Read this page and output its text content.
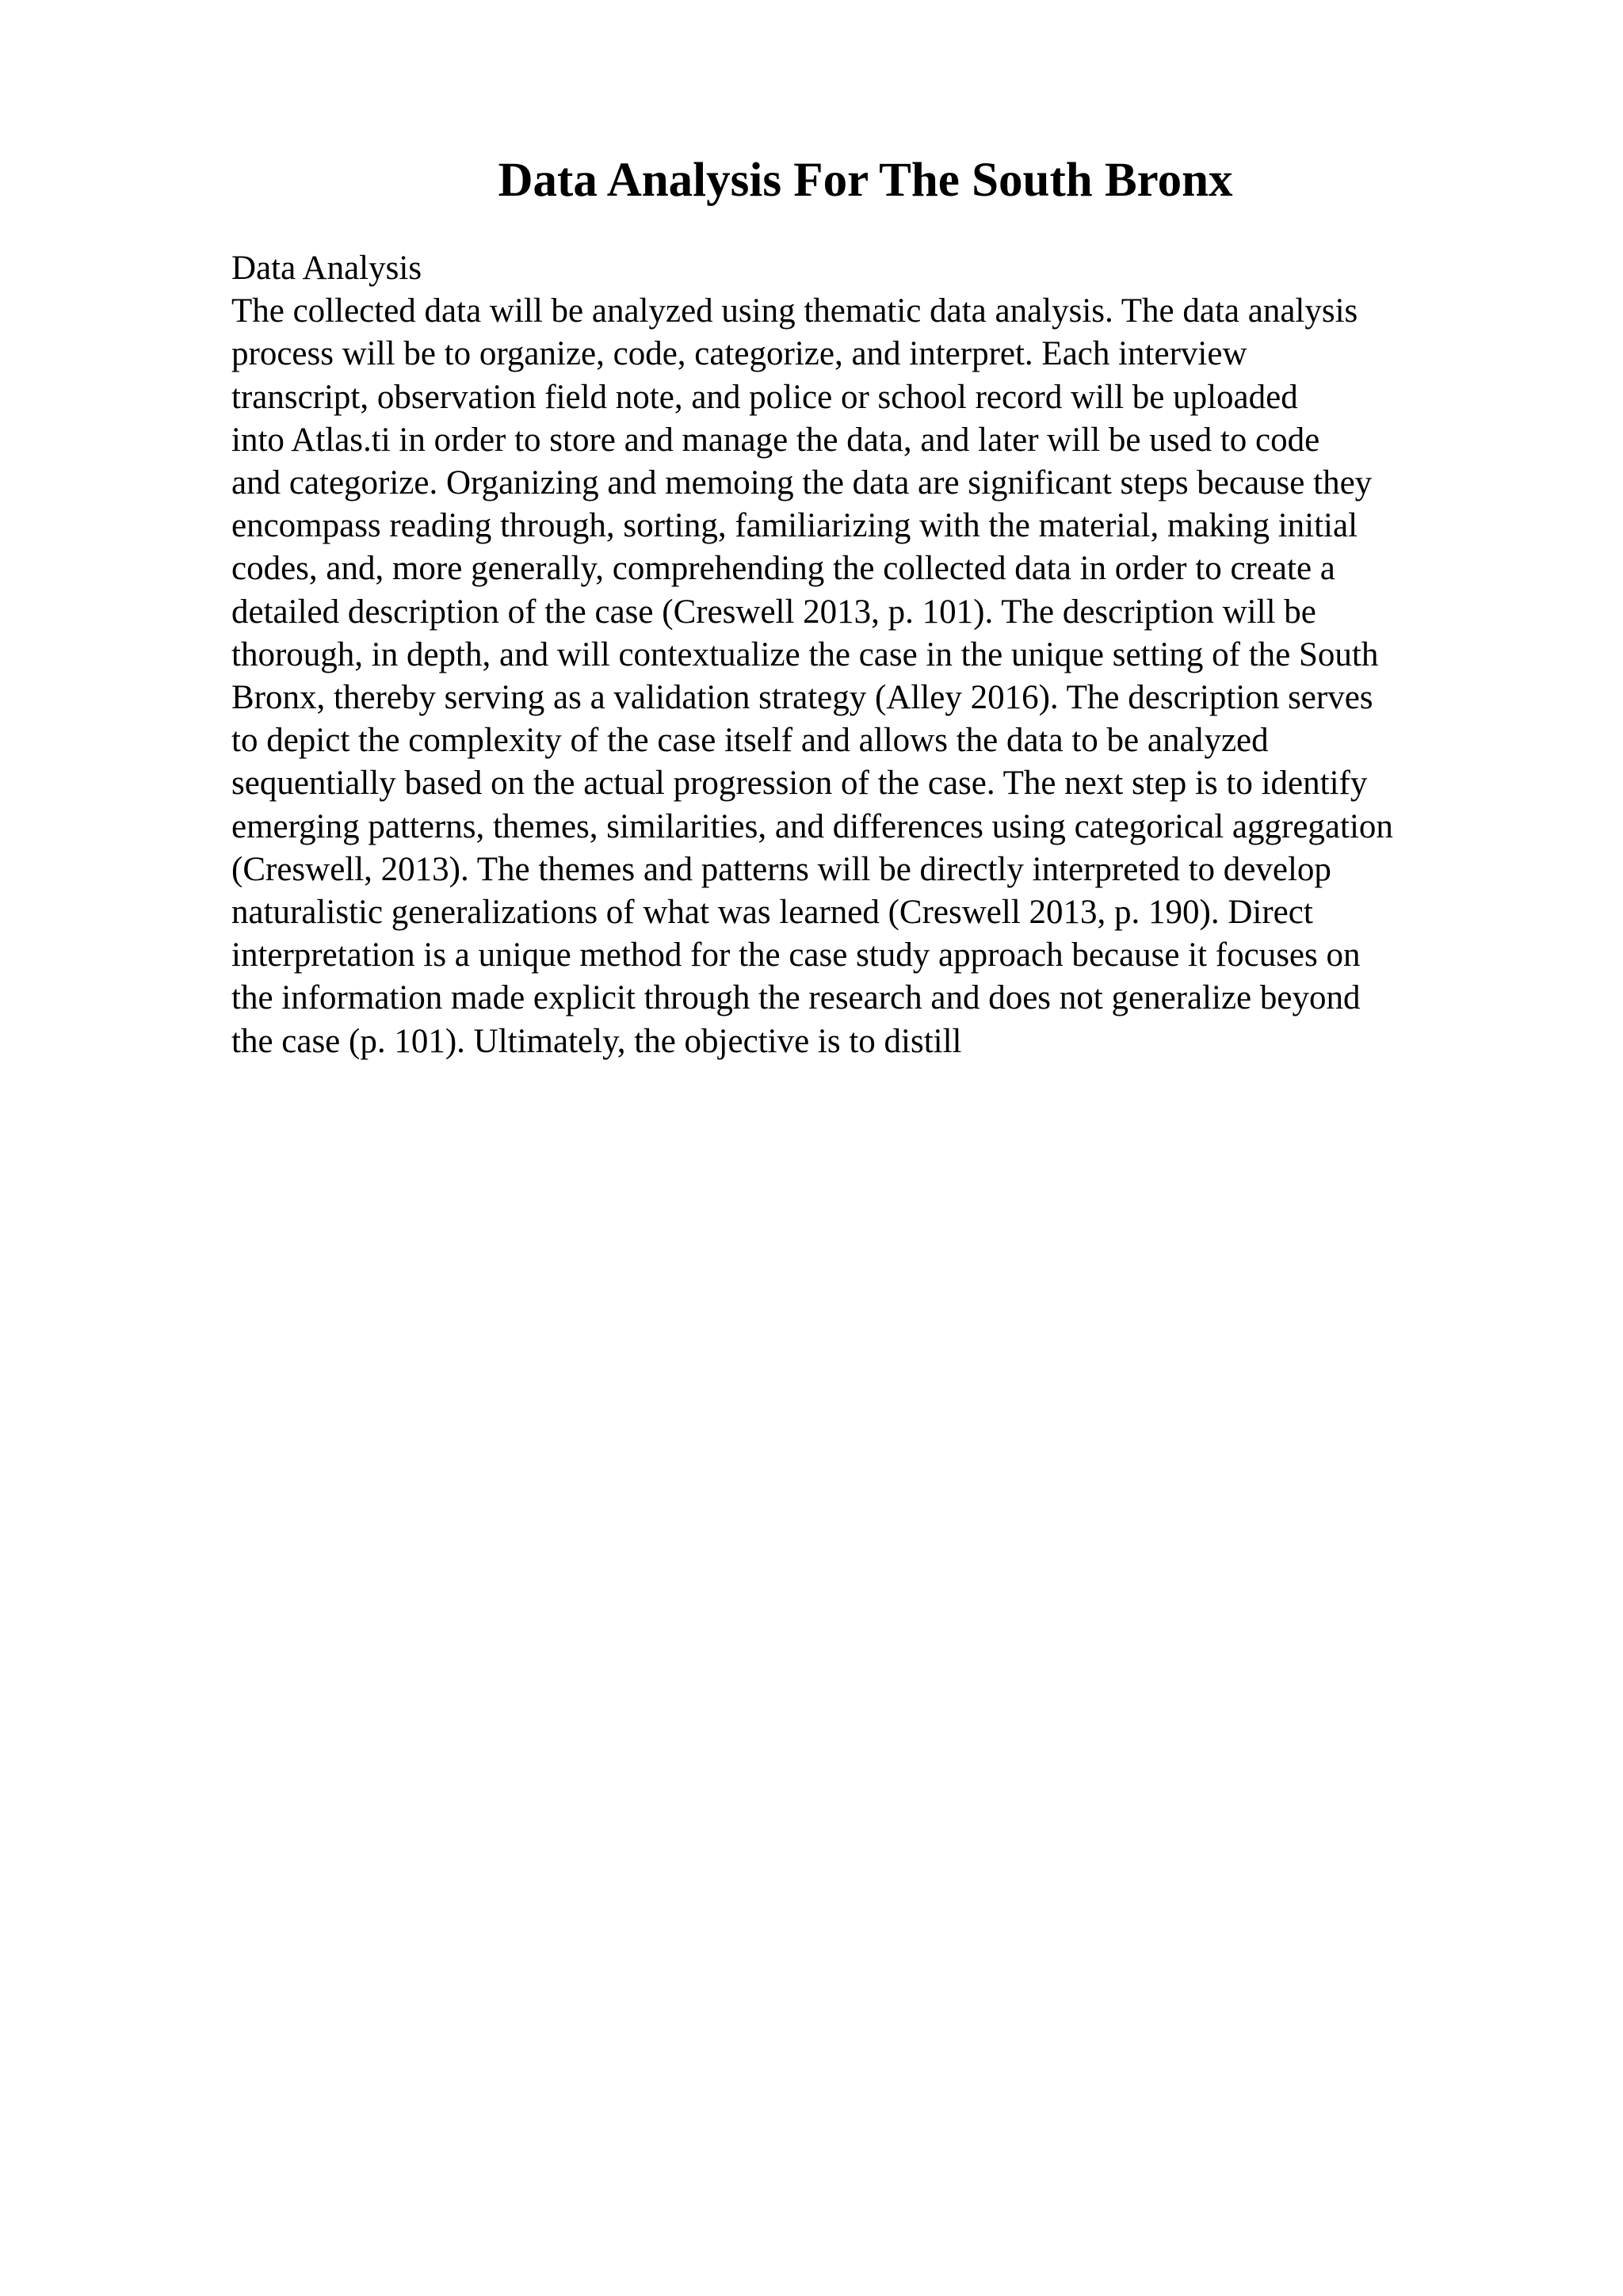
Data Analysis For The South Bronx
Data Analysis
The collected data will be analyzed using thematic data analysis. The data analysis
process will be to organize, code, categorize, and interpret. Each interview
transcript, observation field note, and police or school record will be uploaded
into Atlas.ti in order to store and manage the data, and later will be used to code
and categorize. Organizing and memoing the data are significant steps because they
encompass reading through, sorting, familiarizing with the material, making initial
codes, and, more generally, comprehending the collected data in order to create a
detailed description of the case (Creswell 2013, p. 101). The description will be
thorough, in depth, and will contextualize the case in the unique setting of the South
Bronx, thereby serving as a validation strategy (Alley 2016). The description serves
to depict the complexity of the case itself and allows the data to be analyzed
sequentially based on the actual progression of the case. The next step is to identify
emerging patterns, themes, similarities, and differences using categorical aggregation
(Creswell, 2013). The themes and patterns will be directly interpreted to develop
naturalistic generalizations of what was learned (Creswell 2013, p. 190). Direct
interpretation is a unique method for the case study approach because it focuses on
the information made explicit through the research and does not generalize beyond
the case (p. 101). Ultimately, the objective is to distill
